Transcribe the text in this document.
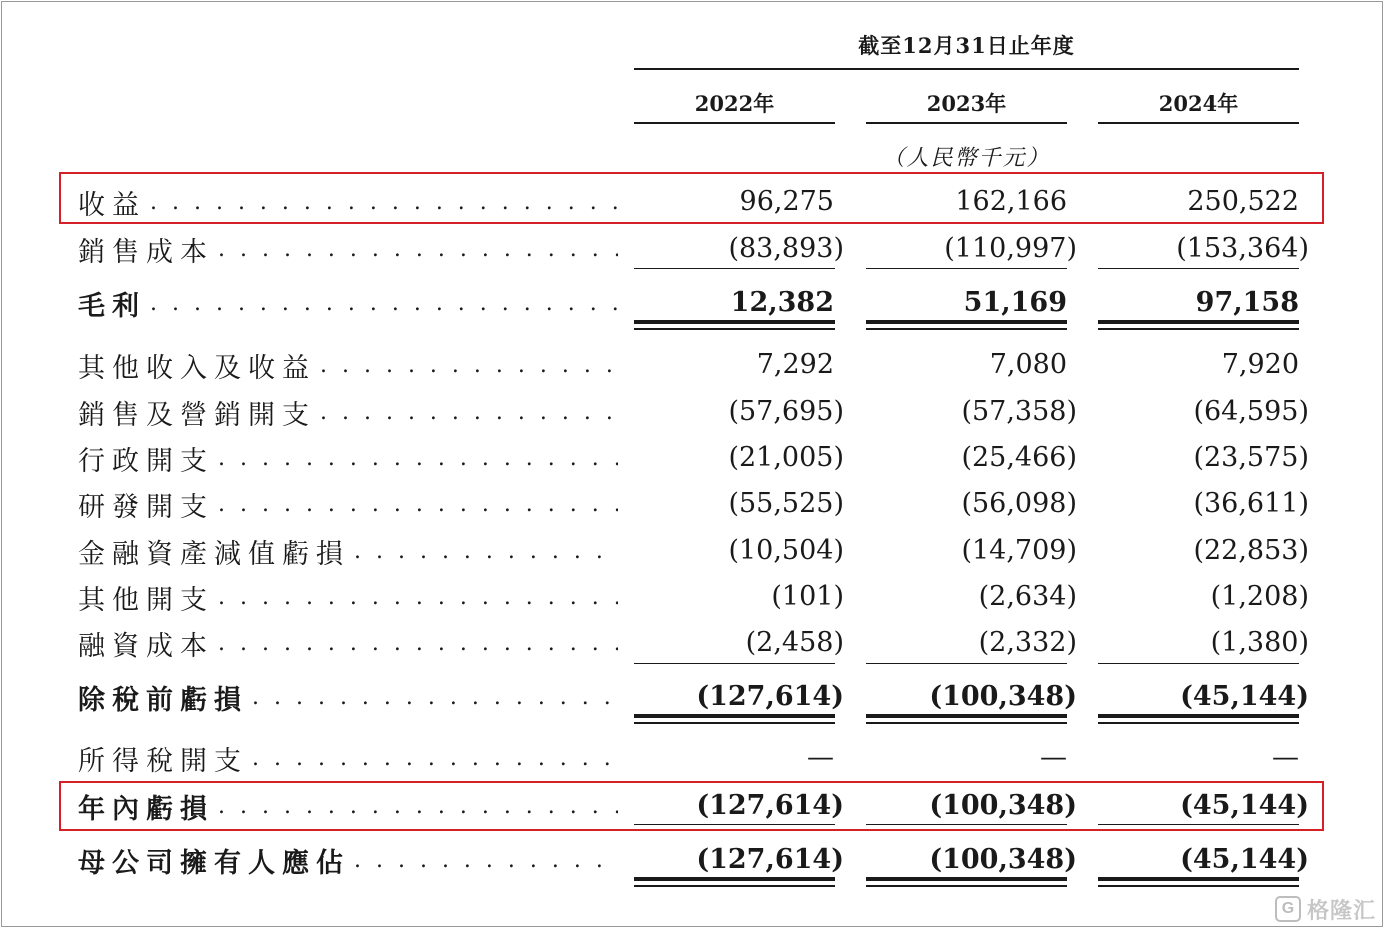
截至12月31日止年度
2022年	2023年	2024年
（人民幣千元）
收益 . . .	96,275	162,166	250,522
銷售成本 . . .	(83,893)	(110,997)	(153,364)
毛利 . . .	12,382	51,169	97,158
其他收入及收益 . . .	7,292	7,080	7,920
銷售及營銷開支 . . .	(57,695)	(57,358)	(64,595)
行政開支 . . .	(21,005)	(25,466)	(23,575)
研發開支 . . .	(55,525)	(56,098)	(36,611)
金融資產減值虧損 . . .	(10,504)	(14,709)	(22,853)
其他開支 . . .	(101)	(2,634)	(1,208)
融資成本 . . .	(2,458)	(2,332)	(1,380)
除稅前虧損 . . .	(127,614)	(100,348)	(45,144)
所得稅開支 . . .	—	—	—
年內虧損 . . .	(127,614)	(100,348)	(45,144)
母公司擁有人應佔 . . .	(127,614)	(100,348)	(45,144)
G 格隆汇
